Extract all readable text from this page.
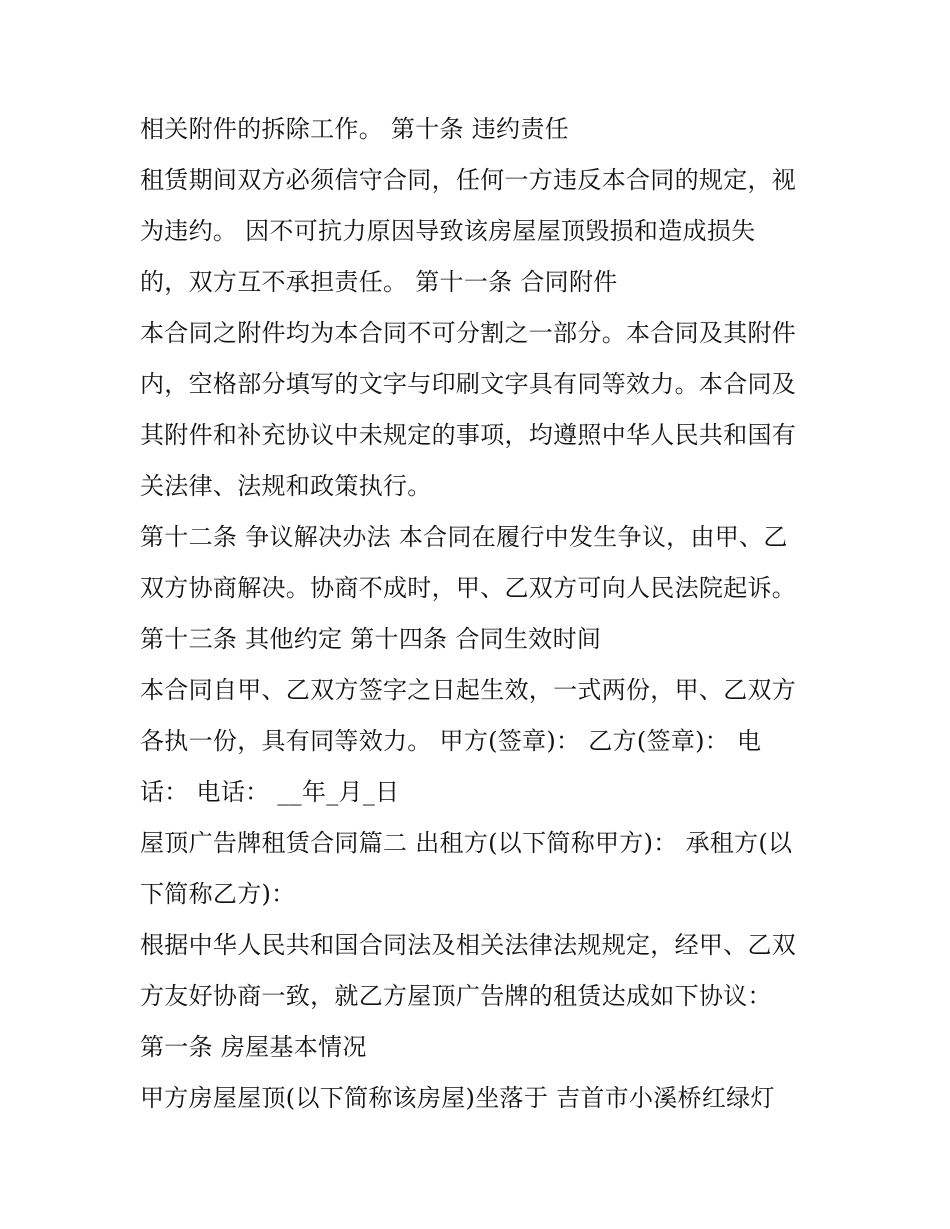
相关附件的拆除工作。 第十条 违约责任
租赁期间双方必须信守合同，任何一方违反本合同的规定，视
为违约。 因不可抗力原因导致该房屋屋顶毁损和造成损失
的，双方互不承担责任。 第十一条 合同附件
本合同之附件均为本合同不可分割之一部分。本合同及其附件
内，空格部分填写的文字与印刷文字具有同等效力。本合同及
其附件和补充协议中未规定的事项，均遵照中华人民共和国有
关法律、法规和政策执行。
第十二条 争议解决办法 本合同在履行中发生争议，由甲、乙
双方协商解决。协商不成时，甲、乙双方可向人民法院起诉。
第十三条 其他约定 第十四条 合同生效时间
本合同自甲、乙双方签字之日起生效，一式两份，甲、乙双方
各执一份，具有同等效力。 甲方(签章)： 乙方(签章)： 电
话： 电话： __年_月_日
屋顶广告牌租赁合同篇二 出租方(以下简称甲方)： 承租方(以
下简称乙方)：
根据中华人民共和国合同法及相关法律法规规定，经甲、乙双
方友好协商一致，就乙方屋顶广告牌的租赁达成如下协议：
第一条 房屋基本情况
甲方房屋屋顶(以下简称该房屋)坐落于 吉首市小溪桥红绿灯
